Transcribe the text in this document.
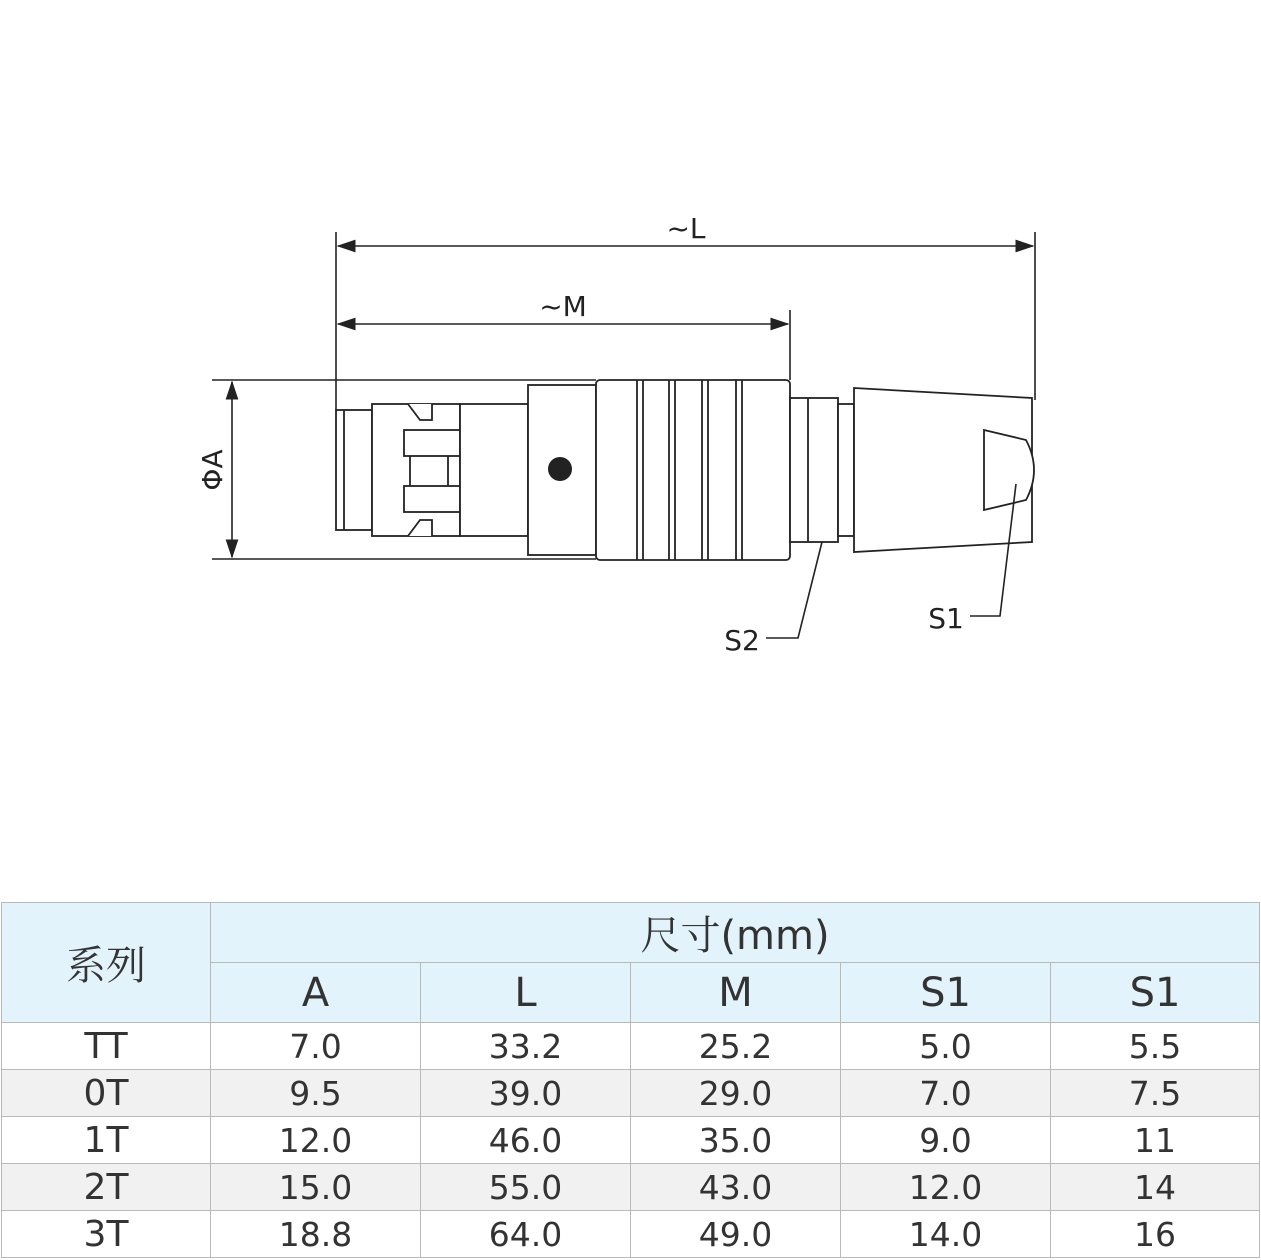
~L
~M
ΦA
S2
S1
系列	尺寸(mm)				
	A	L	M	S1	S1
TT	7.0	33.2	25.2	5.0	5.5
0T	9.5	39.0	29.0	7.0	7.5
1T	12.0	46.0	35.0	9.0	11
2T	15.0	55.0	43.0	12.0	14
3T	18.8	64.0	49.0	14.0	16
